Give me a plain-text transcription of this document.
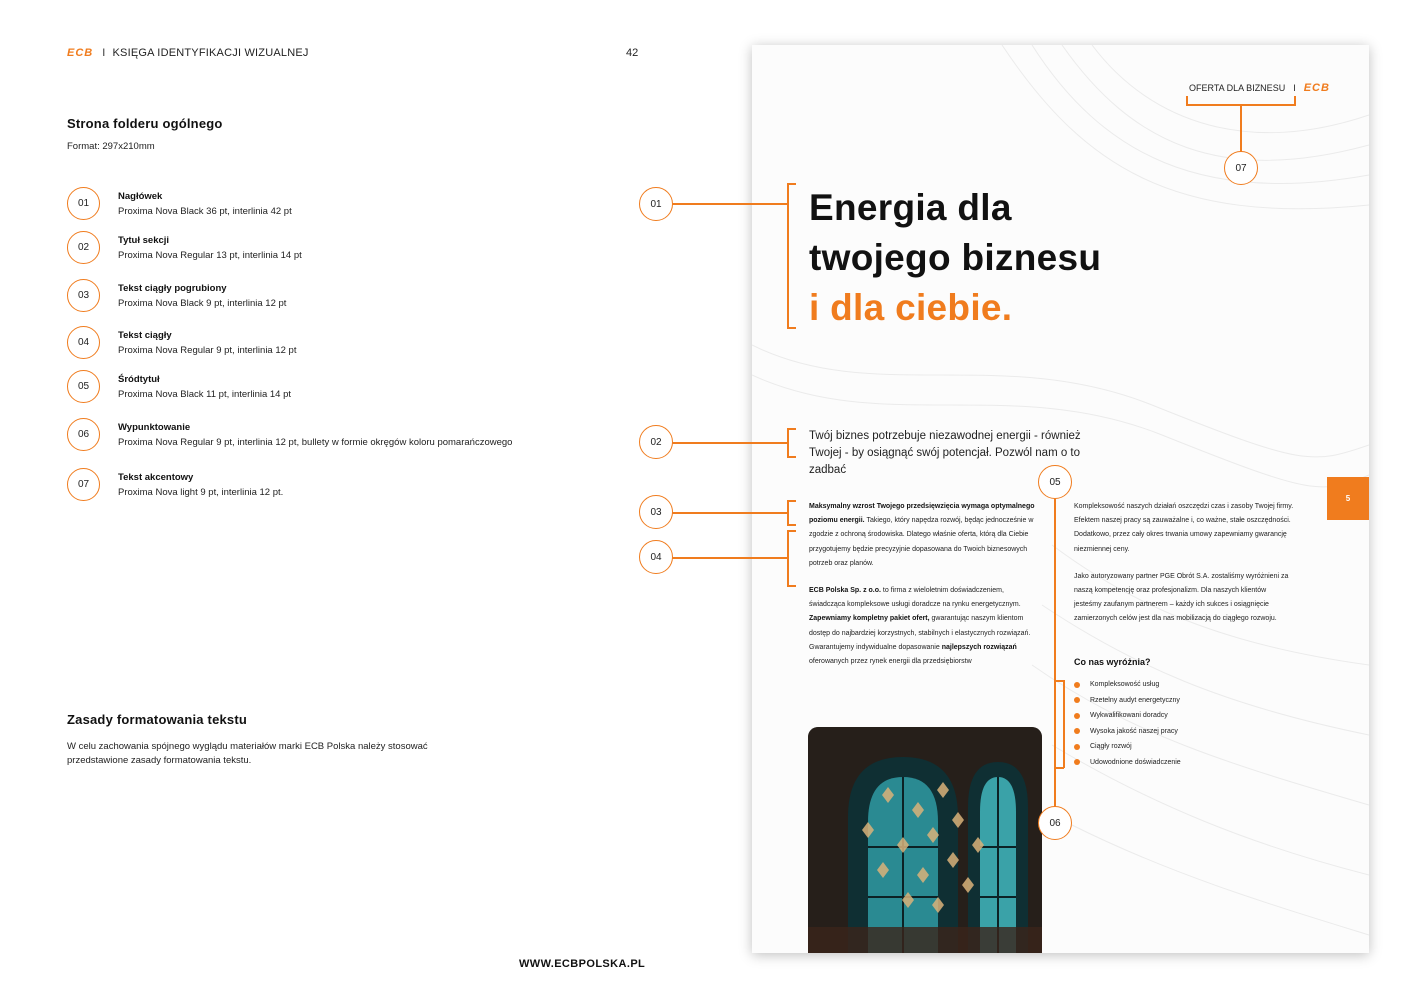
ECB I KSIĘGA IDENTYFIKACJI WIZUALNEJ	42
Strona folderu ogólnego
Format: 297x210mm
01
Nagłówek
Proxima Nova Black 36 pt, interlinia 42 pt
02
Tytuł sekcji
Proxima Nova Regular 13 pt, interlinia 14 pt
03
Tekst ciągły pogrubiony
Proxima Nova Black 9 pt, interlinia 12 pt
04
Tekst ciągły
Proxima Nova Regular 9 pt, interlinia 12 pt
05
Śródtytuł
Proxima Nova Black 11 pt, interlinia 14 pt
06
Wypunktowanie
Proxima Nova Regular 9 pt, interlinia 12 pt, bullety w formie okręgów koloru pomarańczowego
07
Tekst akcentowy
Proxima Nova light 9 pt, interlinia 12 pt.
Zasady formatowania tekstu
W celu zachowania spójnego wyglądu materiałów marki ECB Polska należy stosować przedstawione zasady formatowania tekstu.
WWW.ECBPOLSKA.PL
OFERTA DLA BIZNESU I ECB
Energia dla
twojego biznesu
i dla ciebie.
Twój biznes potrzebuje niezawodnej energii - również Twojej - by osiągnąć swój potencjał. Pozwól nam o to zadbać

Maksymalny wzrost Twojego przedsięwzięcia wymaga optymalnego poziomu energii. Takiego, który napędza rozwój, będąc jednocześnie w zgodzie z ochroną środowiska. Dlatego właśnie oferta, którą dla Ciebie przygotujemy będzie precyzyjnie dopasowana do Twoich biznesowych potrzeb oraz planów.

ECB Polska Sp. z o.o. to firma z wieloletnim doświadczeniem, świadcząca kompleksowe usługi doradcze na rynku energetycznym. Zapewniamy kompletny pakiet ofert, gwarantując naszym klientom dostęp do najbardziej korzystnych, stabilnych i elastycznych rozwiązań. Gwarantujemy indywidualne dopasowanie najlepszych rozwiązań oferowanych przez rynek energii dla przedsiębiorstw

Kompleksowość naszych działań oszczędzi czas i zasoby Twojej firmy. Efektem naszej pracy są zauważalne i, co ważne, stałe oszczędności. Dodatkowo, przez cały okres trwania umowy zapewniamy gwarancję niezmiennej ceny.

Jako autoryzowany partner PGE Obrót S.A. zostaliśmy wyróżnieni za naszą kompetencję oraz profesjonalizm. Dla naszych klientów jesteśmy zaufanym partnerem – każdy ich sukces i osiągnięcie zamierzonych celów jest dla nas mobilizacją do ciągłego rozwoju.

Co nas wyróżnia?
Kompleksowość usług
Rzetelny audyt energetyczny
Wykwalifikowani doradcy
Wysoka jakość naszej pracy
Ciągły rozwój
Udowodnione doświadczenie
5
01
02
03
04
05
06
07
